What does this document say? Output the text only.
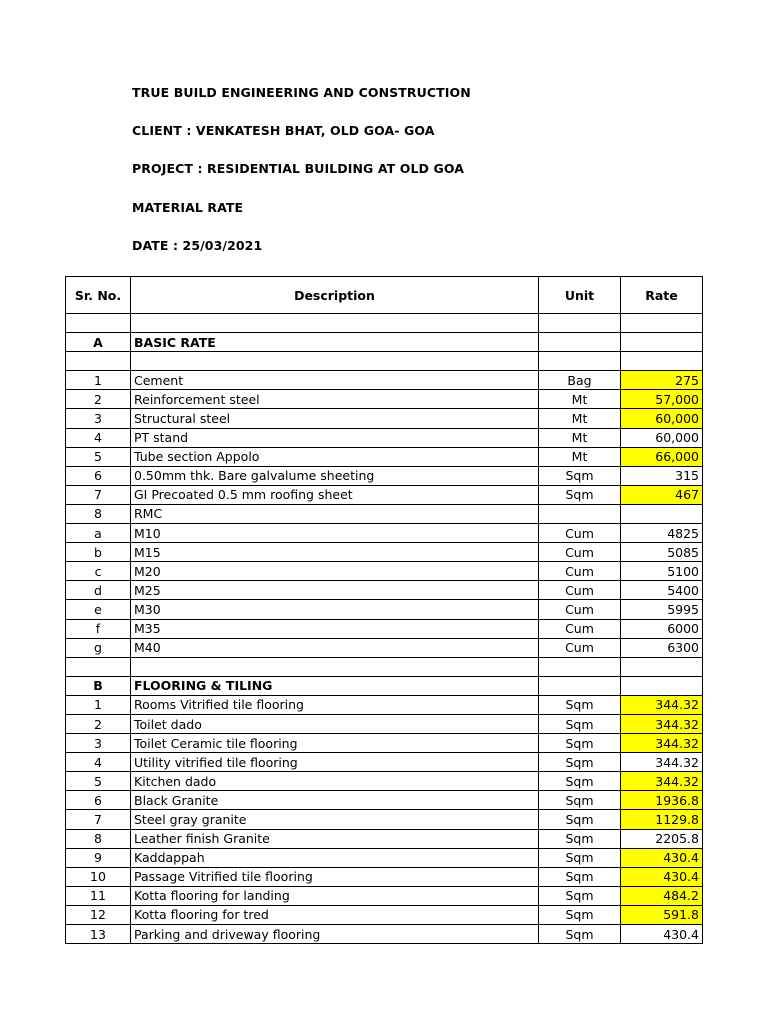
TRUE BUILD ENGINEERING AND CONSTRUCTION
CLIENT : VENKATESH BHAT, OLD GOA- GOA
PROJECT : RESIDENTIAL BUILDING AT OLD GOA
MATERIAL RATE
DATE : 25/03/2021
Sr. No.	Description	Unit	Rate

A	BASIC RATE		

1	Cement	Bag	275
2	Reinforcement steel	Mt	57,000
3	Structural steel	Mt	60,000
4	PT stand	Mt	60,000
5	Tube section Appolo	Mt	66,000
6	0.50mm thk. Bare galvalume sheeting	Sqm	315
7	GI Precoated 0.5 mm roofing sheet	Sqm	467
8	RMC		
a	M10	Cum	4825
b	M15	Cum	5085
c	M20	Cum	5100
d	M25	Cum	5400
e	M30	Cum	5995
f	M35	Cum	6000
g	M40	Cum	6300

B	FLOORING & TILING		
1	Rooms Vitrified tile flooring	Sqm	344.32
2	Toilet dado	Sqm	344.32
3	Toilet Ceramic tile flooring	Sqm	344.32
4	Utility vitrified tile flooring	Sqm	344.32
5	Kitchen dado	Sqm	344.32
6	Black Granite	Sqm	1936.8
7	Steel gray granite	Sqm	1129.8
8	Leather finish Granite	Sqm	2205.8
9	Kaddappah	Sqm	430.4
10	Passage Vitrified tile flooring	Sqm	430.4
11	Kotta flooring for landing	Sqm	484.2
12	Kotta flooring for tred	Sqm	591.8
13	Parking and driveway flooring	Sqm	430.4
